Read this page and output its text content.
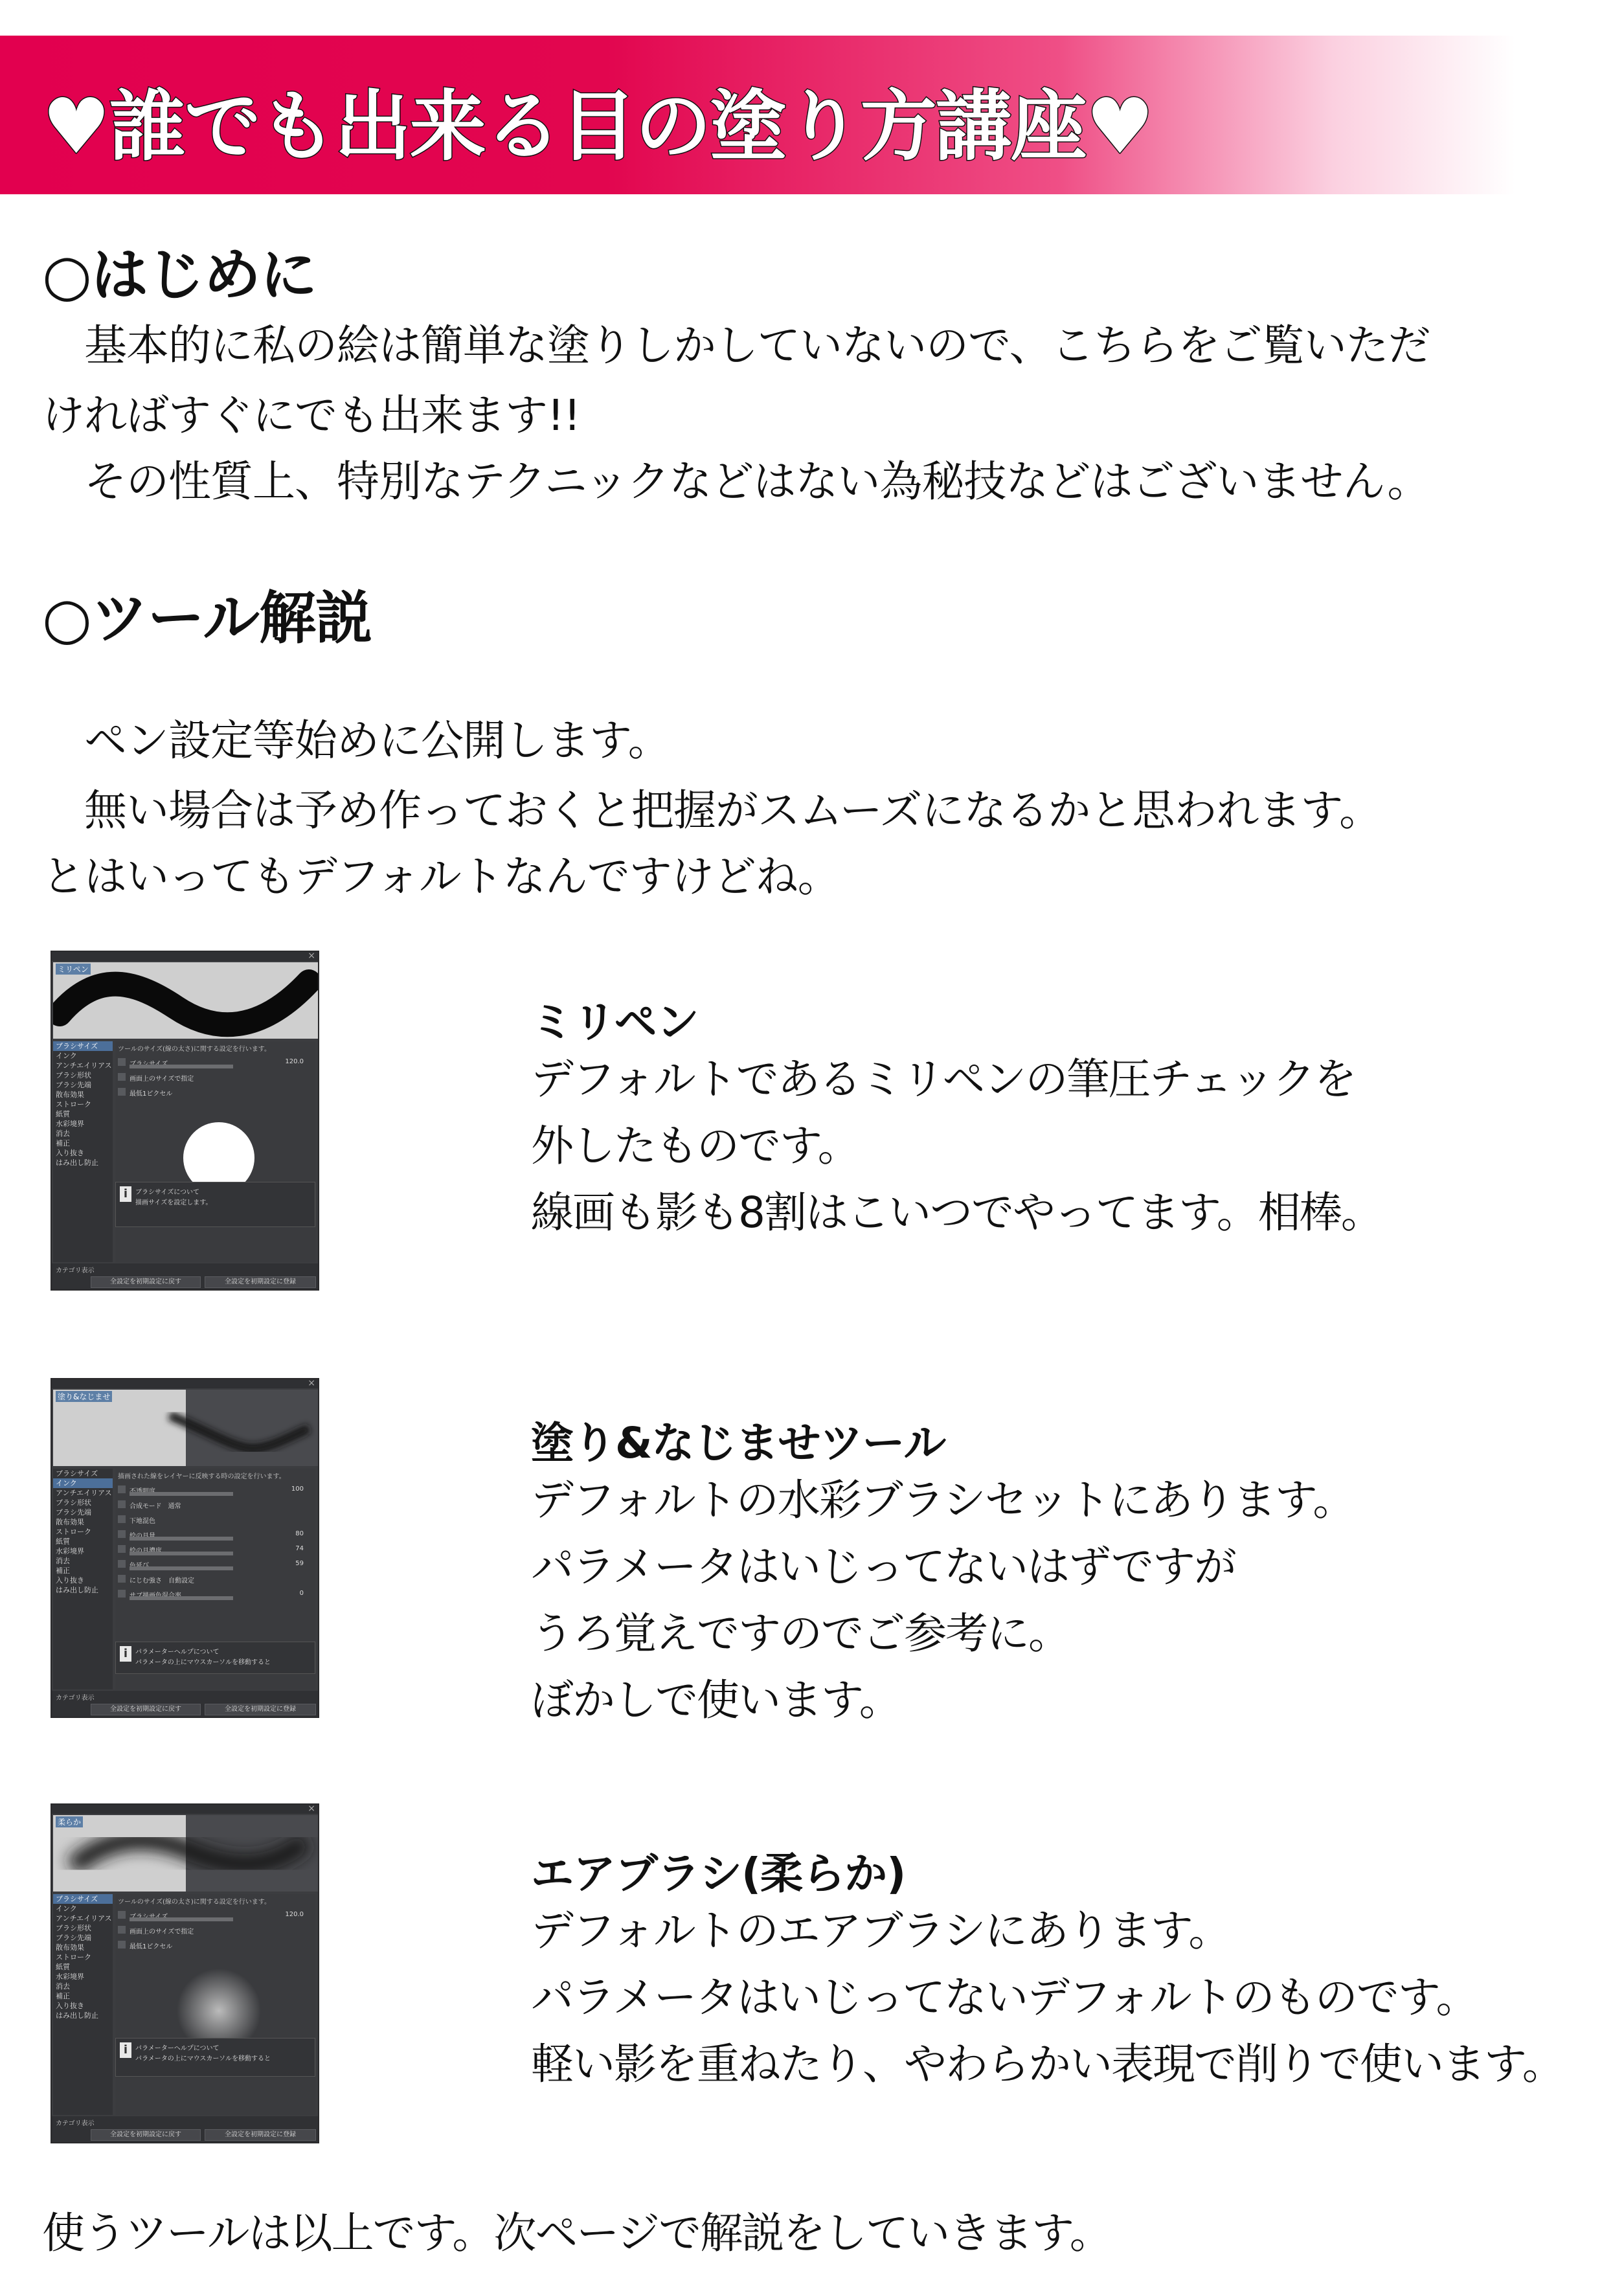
♥誰でも出来る目の塗り方講座♥
○はじめに
　基本的に私の絵は簡単な塗りしかしていないので、こちらをご覧いただ
ければすぐにでも出来ます!!
　その性質上、特別なテクニックなどはない為秘技などはございません。
○ツール解説
　ペン設定等始めに公開します。
　無い場合は予め作っておくと把握がスムーズになるかと思われます。
とはいってもデフォルトなんですけどね。
×
ミリペン
ブラシサイズ
インク
アンチエイリアス
ブラシ形状
ブラシ先端
散布効果
ストローク
紙質
水彩境界
消去
補正
入り抜き
はみ出し防止
ツールのサイズ(線の太さ)に関する設定を行います。
120.0
画面上のサイズで指定
最低1ピクセル
i	ブラシサイズについて
描画サイズを設定します。
カテゴリ表示
全設定を初期設定に戻す	全設定を初期設定に登録
ミリペン
デフォルトであるミリペンの筆圧チェックを
外したものです。
線画も影も8割はこいつでやってます。相棒。
×
塗り&なじませ
ブラシサイズ
インク
アンチエイリアス
ブラシ形状
ブラシ先端
散布効果
ストローク
紙質
水彩境界
消去
補正
入り抜き
はみ出し防止
描画された線をレイヤーに反映する時の設定を行います。
100
合成モード　通常
下地混色
80
74
59
にじむ強さ　自動設定
0
i	パラメーターヘルプについて
パラメータの上にマウスカーソルを移動すると
カテゴリ表示
全設定を初期設定に戻す	全設定を初期設定に登録
塗り&なじませツール
デフォルトの水彩ブラシセットにあります。
パラメータはいじってないはずですが
うろ覚えですのでご参考に。
ぼかしで使います。
×
柔らか
ブラシサイズ
インク
アンチエイリアス
ブラシ形状
ブラシ先端
散布効果
ストローク
紙質
水彩境界
消去
補正
入り抜き
はみ出し防止
ツールのサイズ(線の太さ)に関する設定を行います。
120.0
画面上のサイズで指定
最低1ピクセル
i	パラメーターヘルプについて
パラメータの上にマウスカーソルを移動すると
カテゴリ表示
全設定を初期設定に戻す	全設定を初期設定に登録
エアブラシ(柔らか)
デフォルトのエアブラシにあります。
パラメータはいじってないデフォルトのものです。
軽い影を重ねたり、やわらかい表現で削りで使います。
使うツールは以上です。次ページで解説をしていきます。
